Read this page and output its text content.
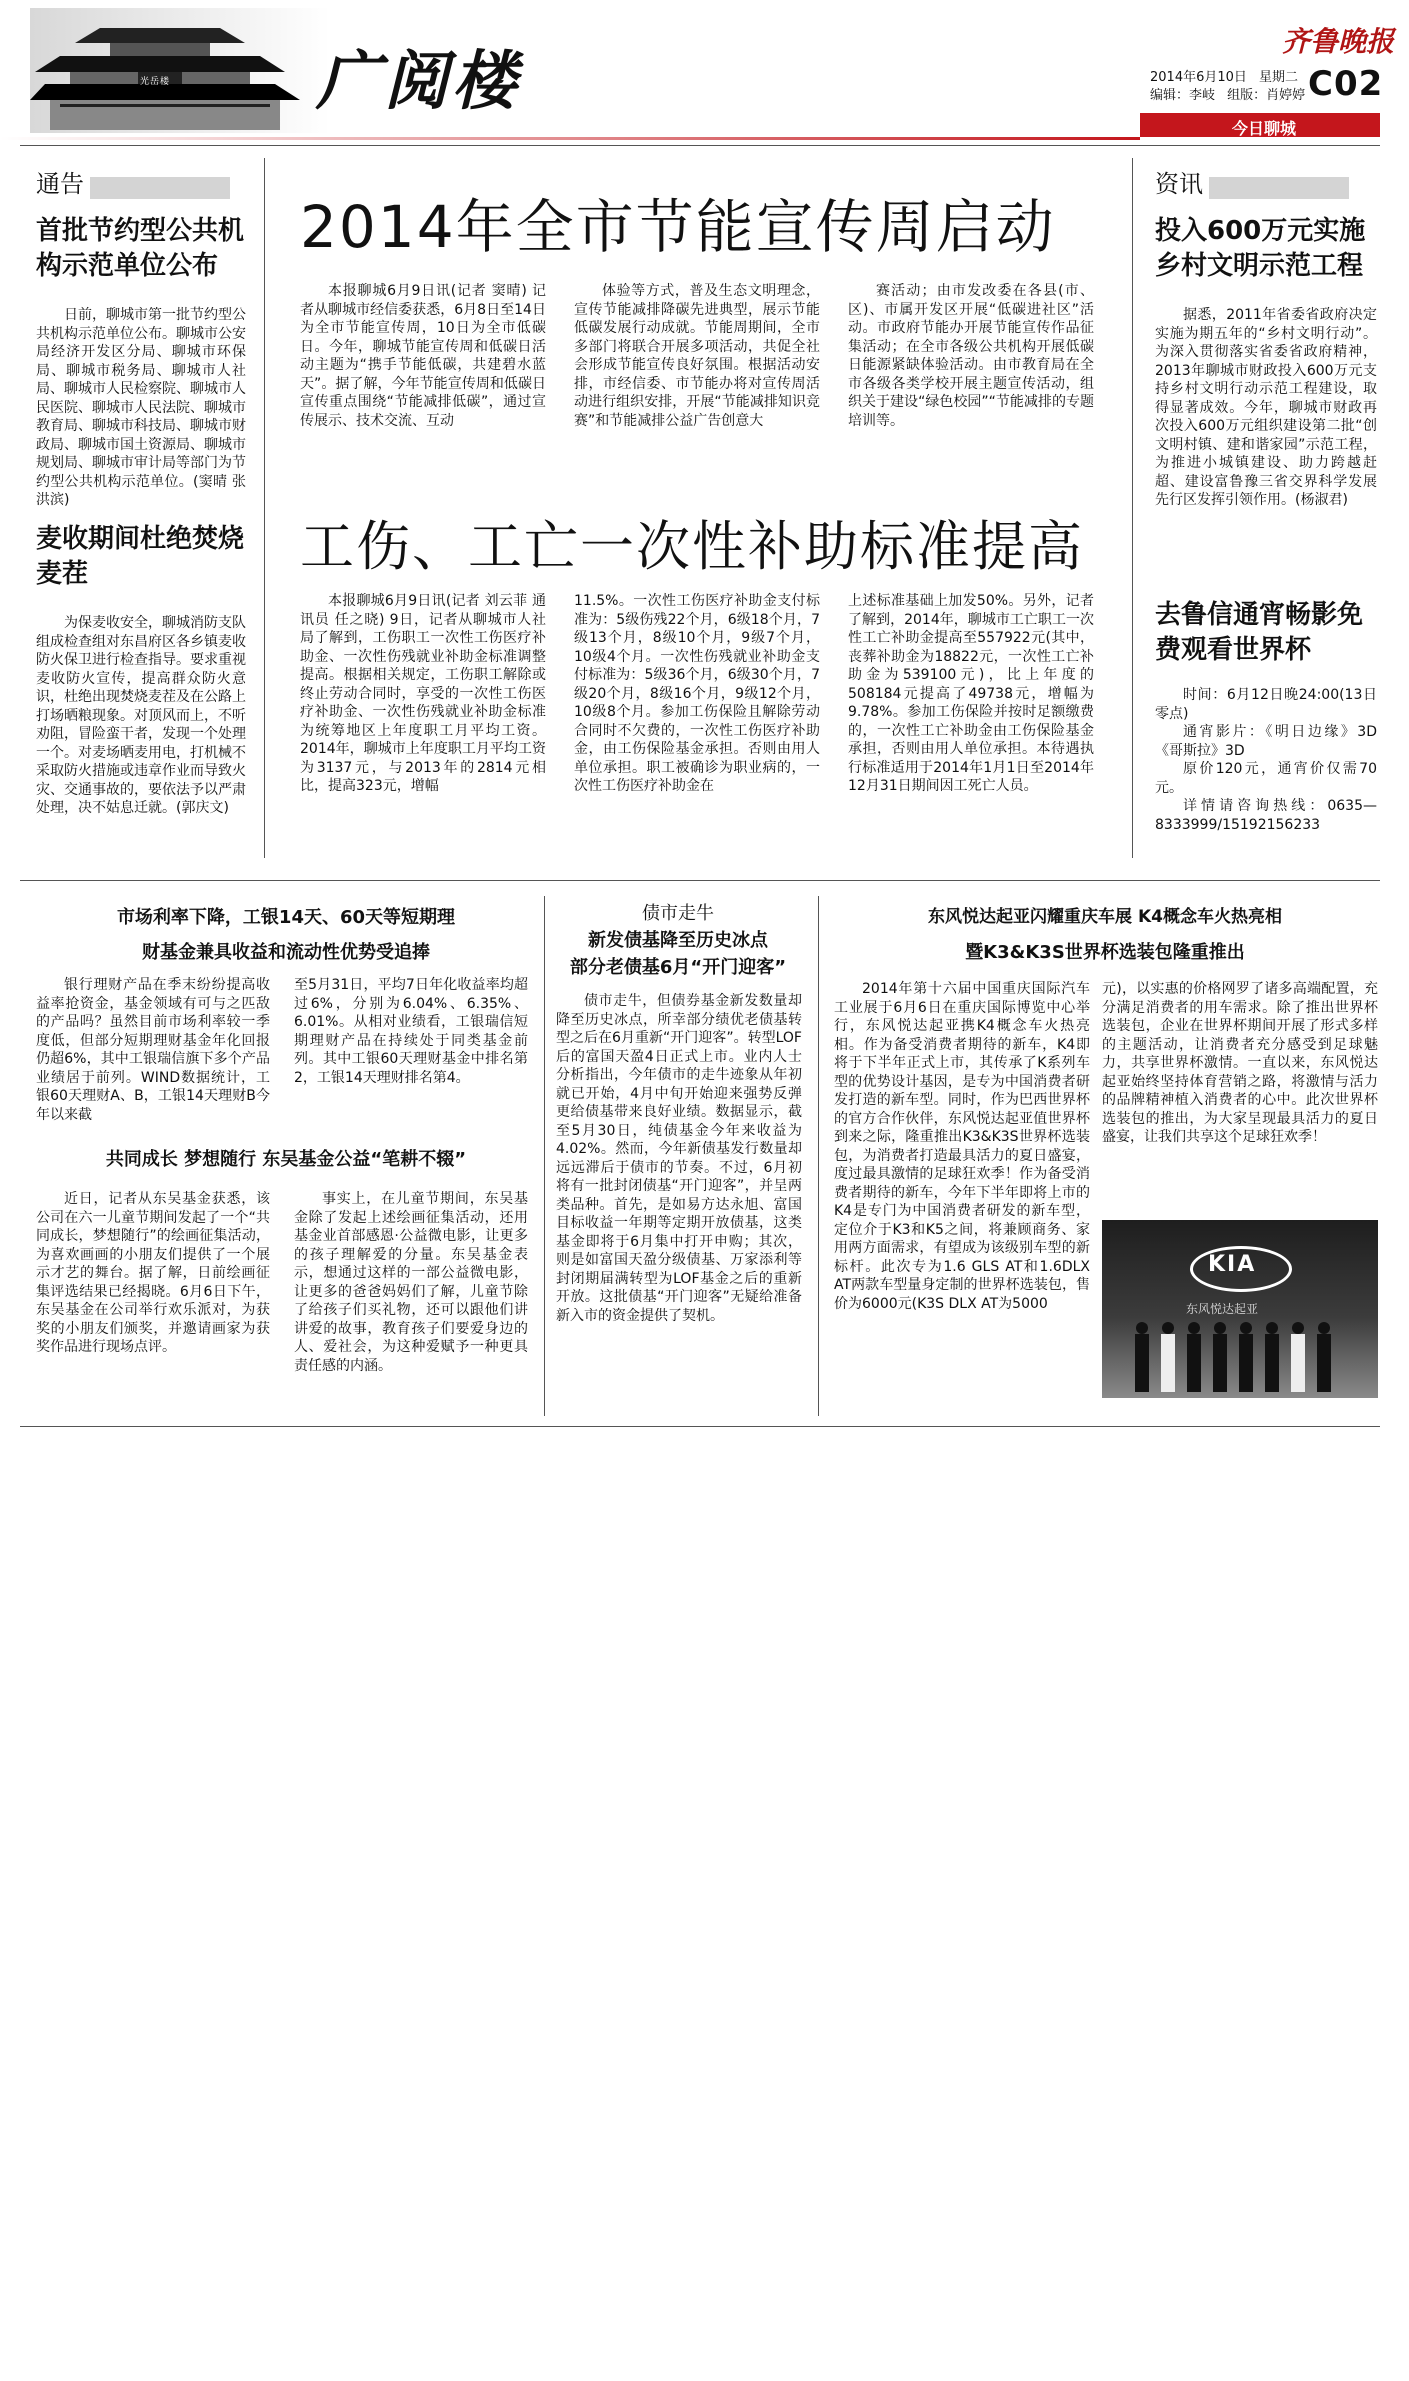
光岳楼 广阅楼
齐鲁晚报
2014年6月10日 星期二
编辑：李岐 组版：肖婷婷 C02
今日聊城
通告
首批节约型公共机构示范单位公布

日前，聊城市第一批节约型公共机构示范单位公布。聊城市公安局经济开发区分局、聊城市环保局、聊城市税务局、聊城市人社局、聊城市人民检察院、聊城市人民医院、聊城市人民法院、聊城市教育局、聊城市科技局、聊城市财政局、聊城市国土资源局、聊城市规划局、聊城市审计局等部门为节约型公共机构示范单位。(窦晴 张洪滨)

麦收期间杜绝焚烧麦茬

为保麦收安全，聊城消防支队组成检查组对东昌府区各乡镇麦收防火保卫进行检查指导。要求重视麦收防火宣传，提高群众防火意识，杜绝出现焚烧麦茬及在公路上打场晒粮现象。对顶风而上，不听劝阻，冒险蛮干者，发现一个处理一个。对麦场晒麦用电，打机械不采取防火措施或违章作业而导致火灾、交通事故的，要依法予以严肃处理，决不姑息迁就。(郭庆文)

2014年全市节能宣传周启动

本报聊城6月9日讯(记者 窦晴) 记者从聊城市经信委获悉，6月8日至14日为全市节能宣传周，10日为全市低碳日。今年，聊城节能宣传周和低碳日活动主题为“携手节能低碳，共建碧水蓝天”。据了解，今年节能宣传周和低碳日宣传重点围绕“节能减排低碳”，通过宣传展示、技术交流、互动

体验等方式，普及生态文明理念，宣传节能减排降碳先进典型，展示节能低碳发展行动成就。节能周期间，全市多部门将联合开展多项活动，共促全社会形成节能宣传良好氛围。根据活动安排，市经信委、市节能办将对宣传周活动进行组织安排，开展“节能减排知识竞赛”和节能减排公益广告创意大

赛活动；由市发改委在各县(市、区)、市属开发区开展“低碳进社区”活动。市政府节能办开展节能宣传作品征集活动；在全市各级公共机构开展低碳日能源紧缺体验活动。由市教育局在全市各级各类学校开展主题宣传活动，组织关于建设“绿色校园”“节能减排的专题培训等。

工伤、工亡一次性补助标准提高

本报聊城6月9日讯(记者 刘云菲 通讯员 任之晓) 9日，记者从聊城市人社局了解到，工伤职工一次性工伤医疗补助金、一次性伤残就业补助金标准调整提高。根据相关规定，工伤职工解除或终止劳动合同时，享受的一次性工伤医疗补助金、一次性伤残就业补助金标准为统筹地区上年度职工月平均工资。2014年，聊城市上年度职工月平均工资为3137元，与2013年的2814元相比，提高323元，增幅

11.5%。一次性工伤医疗补助金支付标准为：5级伤残22个月，6级18个月，7级13个月，8级10个月，9级7个月，10级4个月。一次性伤残就业补助金支付标准为：5级36个月，6级30个月，7级20个月，8级16个月，9级12个月，10级8个月。参加工伤保险且解除劳动合同时不欠费的，一次性工伤医疗补助金，由工伤保险基金承担。否则由用人单位承担。职工被确诊为职业病的，一次性工伤医疗补助金在

上述标准基础上加发50%。另外，记者了解到，2014年，聊城市工亡职工一次性工亡补助金提高至557922元(其中，丧葬补助金为18822元，一次性工亡补助金为539100元)，比上年度的508184元提高了49738元，增幅为9.78%。参加工伤保险并按时足额缴费的，一次性工亡补助金由工伤保险基金承担，否则由用人单位承担。本待遇执行标准适用于2014年1月1日至2014年12月31日期间因工死亡人员。

资讯
投入600万元实施乡村文明示范工程

据悉，2011年省委省政府决定实施为期五年的“乡村文明行动”。为深入贯彻落实省委省政府精神，2013年聊城市财政投入600万元支持乡村文明行动示范工程建设，取得显著成效。今年，聊城市财政再次投入600万元组织建设第二批“创文明村镇、建和谐家园”示范工程，为推进小城镇建设、助力跨越赶超、建设富鲁豫三省交界科学发展先行区发挥引领作用。(杨淑君)

去鲁信通宵畅影免费观看世界杯

时间：6月12日晚24:00(13日零点)

通宵影片：《明日边缘》3D 《哥斯拉》3D

原价120元，通宵价仅需70元。

详情请咨询热线：0635—8333999/15192156233

市场利率下降，工银14天、60天等短期理
财基金兼具收益和流动性优势受追捧

银行理财产品在季末纷纷提高收益率抢资金，基金领域有可与之匹敌的产品吗？虽然目前市场利率较一季度低，但部分短期理财基金年化回报仍超6%，其中工银瑞信旗下多个产品业绩居于前列。WIND数据统计，工银60天理财A、B，工银14天理财B今年以来截

至5月31日，平均7日年化收益率均超过6%，分别为6.04%、6.35%、6.01%。从相对业绩看，工银瑞信短期理财产品在持续处于同类基金前列。其中工银60天理财基金中排名第2，工银14天理财排名第4。

共同成长 梦想随行 东吴基金公益“笔耕不辍”

近日，记者从东吴基金获悉，该公司在六一儿童节期间发起了一个“共同成长，梦想随行”的绘画征集活动，为喜欢画画的小朋友们提供了一个展示才艺的舞台。据了解，日前绘画征集评选结果已经揭晓。6月6日下午，东吴基金在公司举行欢乐派对，为获奖的小朋友们颁奖，并邀请画家为获奖作品进行现场点评。

事实上，在儿童节期间，东吴基金除了发起上述绘画征集活动，还用基金业首部感恩·公益微电影，让更多的孩子理解爱的分量。东吴基金表示，想通过这样的一部公益微电影，让更多的爸爸妈妈们了解，儿童节除了给孩子们买礼物，还可以跟他们讲讲爱的故事，教育孩子们要爱身边的人、爱社会，为这种爱赋予一种更具责任感的内涵。

债市走牛
新发债基降至历史冰点
部分老债基6月“开门迎客”

债市走牛，但债券基金新发数量却降至历史冰点，所幸部分绩优老债基转型之后在6月重新“开门迎客”。转型LOF后的富国天盈4日正式上市。业内人士分析指出，今年债市的走牛迹象从年初就已开始，4月中旬开始迎来强势反弹更给债基带来良好业绩。数据显示，截至5月30日，纯债基金今年来收益为4.02%。然而，今年新债基发行数量却远远滞后于债市的节奏。不过，6月初将有一批封闭债基“开门迎客”，并呈两类品种。首先，是如易方达永旭、富国目标收益一年期等定期开放债基，这类基金即将于6月集中打开申购；其次，则是如富国天盈分级债基、万家添利等封闭期届满转型为LOF基金之后的重新开放。这批债基“开门迎客”无疑给准备新入市的资金提供了契机。

东风悦达起亚闪耀重庆车展 K4概念车火热亮相
暨K3&K3S世界杯选装包隆重推出

2014年第十六届中国重庆国际汽车工业展于6月6日在重庆国际博览中心举行，东风悦达起亚携K4概念车火热亮相。作为备受消费者期待的新车，K4即将于下半年正式上市，其传承了K系列车型的优势设计基因，是专为中国消费者研发打造的新车型。同时，作为巴西世界杯的官方合作伙伴，东风悦达起亚值世界杯到来之际，隆重推出K3&K3S世界杯选装包，为消费者打造最具活力的夏日盛宴，度过最具激情的足球狂欢季！作为备受消费者期待的新车，今年下半年即将上市的K4是专门为中国消费者研发的新车型，定位介于K3和K5之间，将兼顾商务、家用两方面需求，有望成为该级别车型的新标杆。此次专为1.6 GLS AT和1.6DLX AT两款车型量身定制的世界杯选装包，售价为6000元(K3S DLX AT为5000

元)，以实惠的价格网罗了诸多高端配置，充分满足消费者的用车需求。除了推出世界杯选装包，企业在世界杯期间开展了形式多样的主题活动，让消费者充分感受到足球魅力，共享世界杯激情。一直以来，东风悦达起亚始终坚持体育营销之路，将激情与活力的品牌精神植入消费者的心中。此次世界杯选装包的推出，为大家呈现最具活力的夏日盛宴，让我们共享这个足球狂欢季！

KIA
东风悦达起亚
